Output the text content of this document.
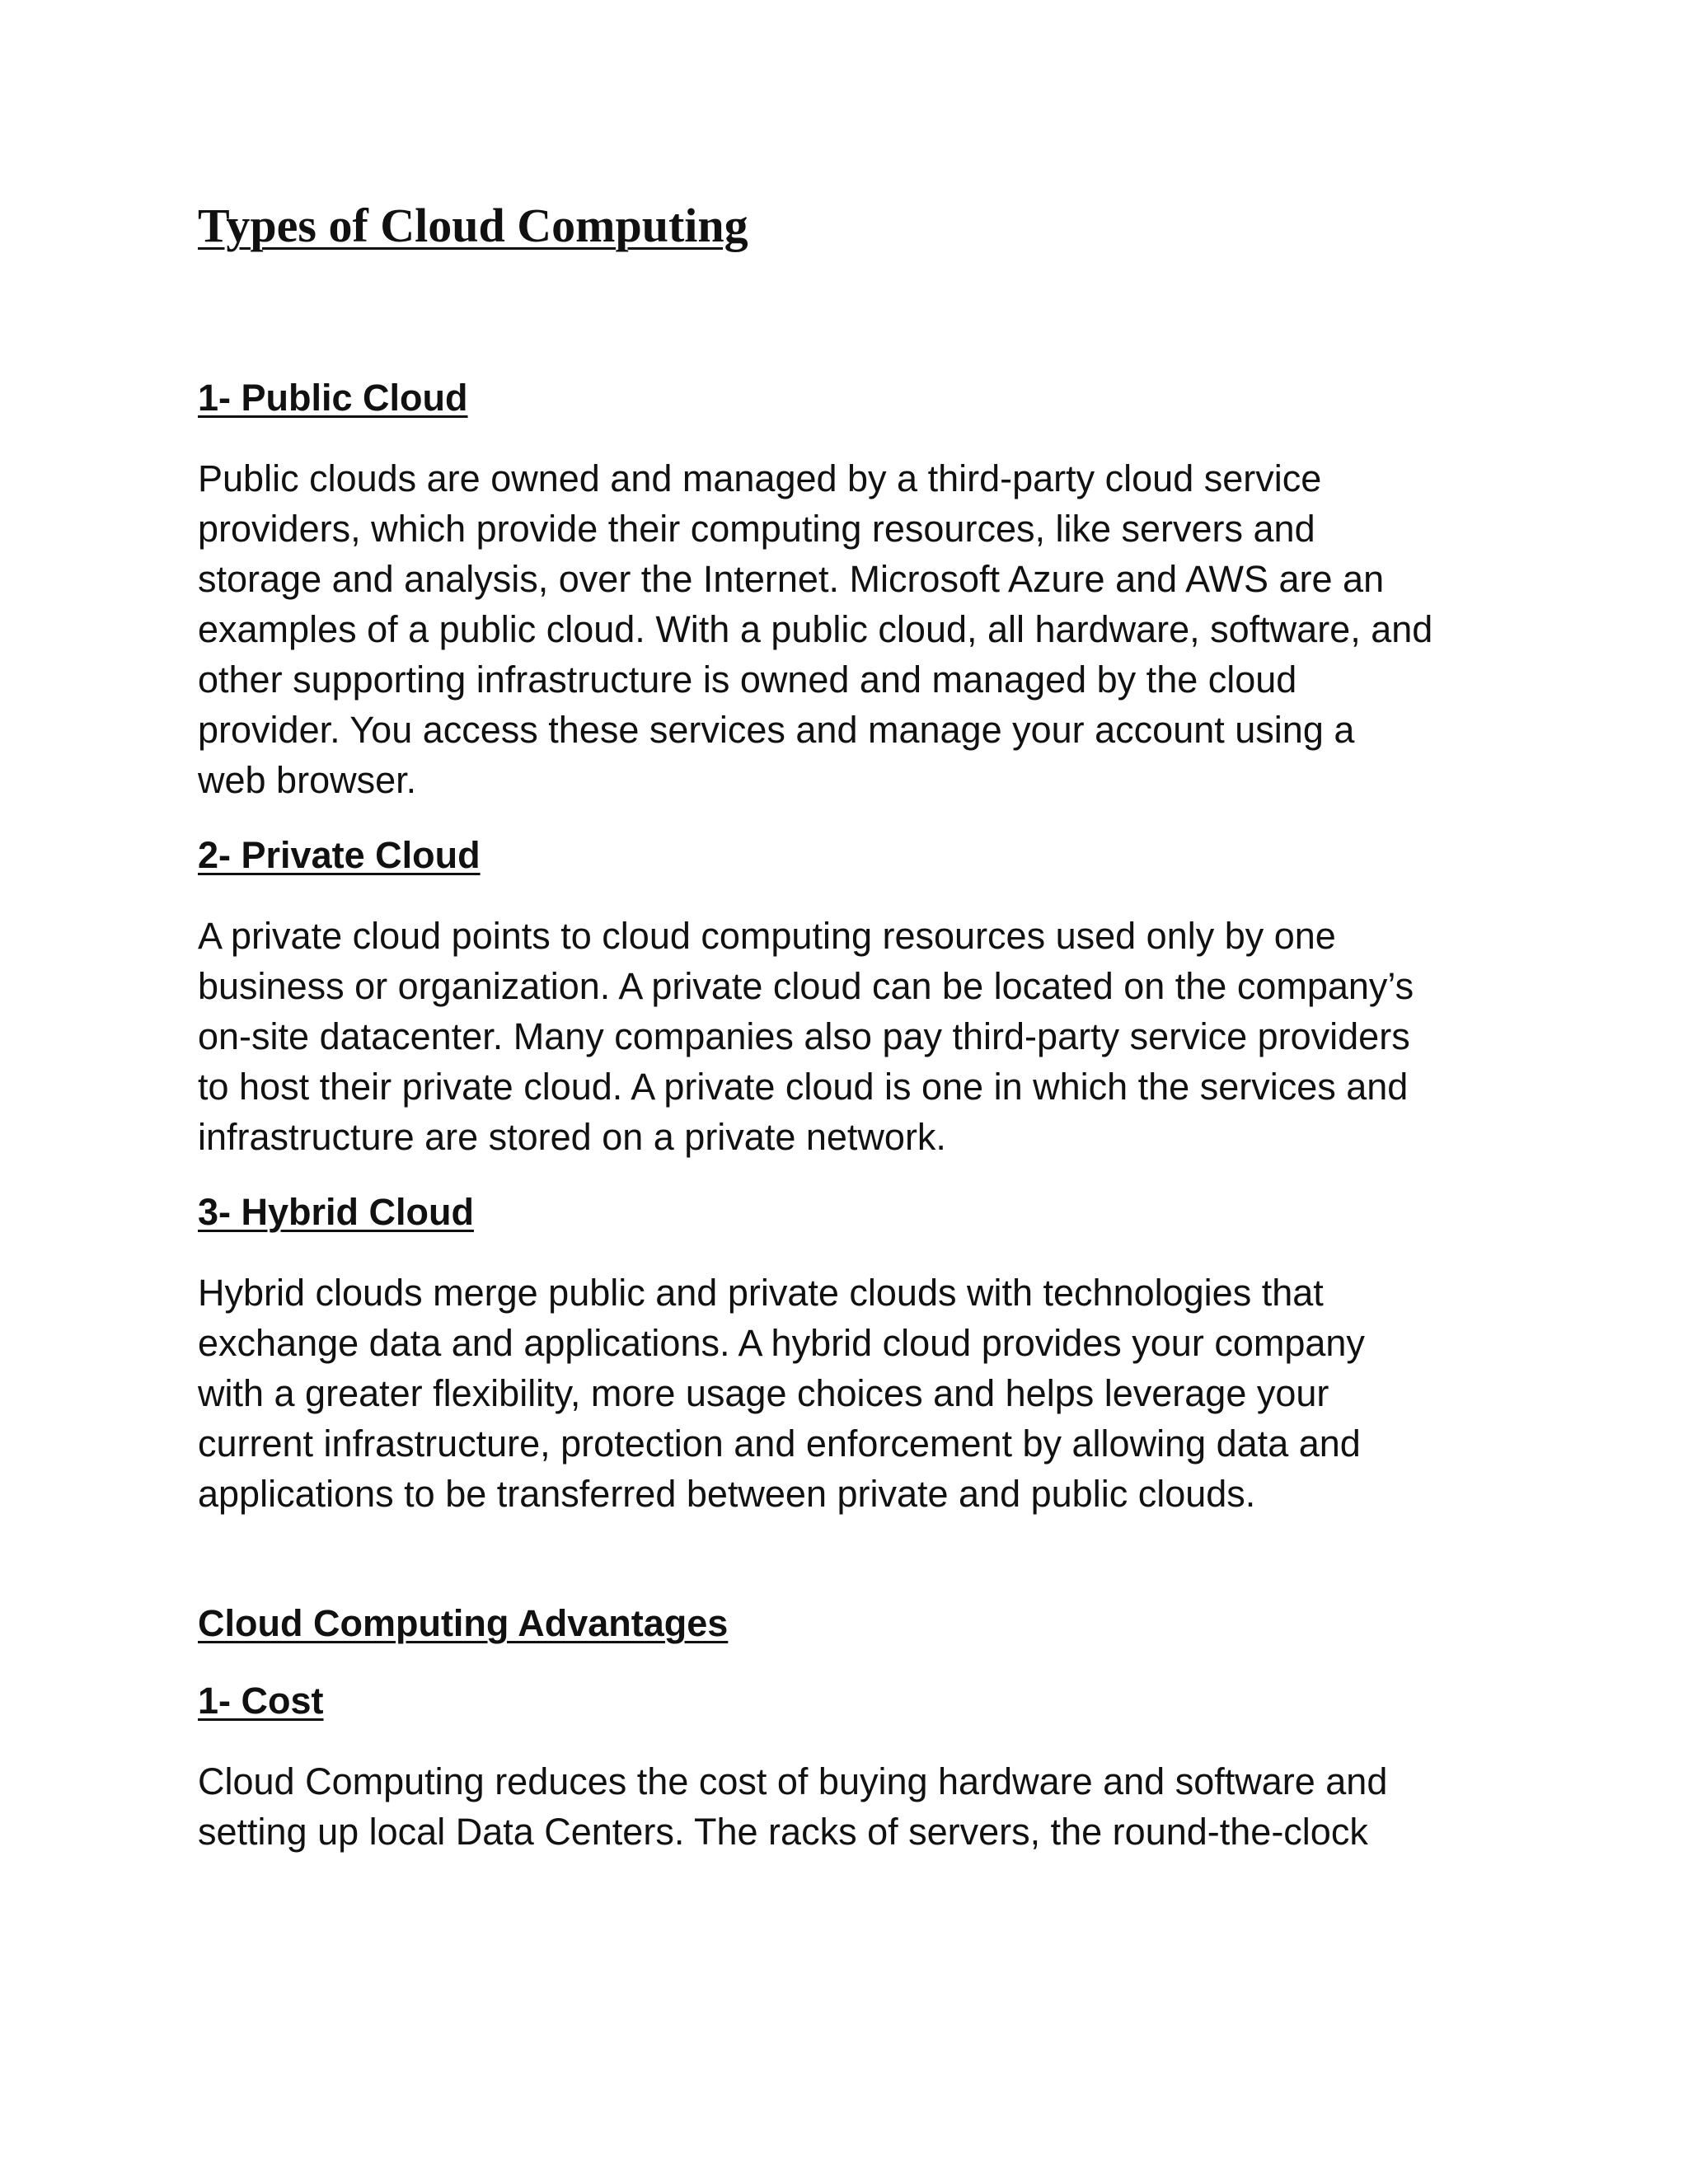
Types of Cloud Computing
1- Public Cloud
Public clouds are owned and managed by a third-party cloud service
providers, which provide their computing resources, like servers and
storage and analysis, over the Internet. Microsoft Azure and AWS are an
examples of a public cloud. With a public cloud, all hardware, software, and
other supporting infrastructure is owned and managed by the cloud
provider. You access these services and manage your account using a
web browser.
2- Private Cloud
A private cloud points to cloud computing resources used only by one
business or organization. A private cloud can be located on the company’s
on-site datacenter. Many companies also pay third-party service providers
to host their private cloud. A private cloud is one in which the services and
infrastructure are stored on a private network.
3- Hybrid Cloud
Hybrid clouds merge public and private clouds with technologies that
exchange data and applications. A hybrid cloud provides your company
with a greater flexibility, more usage choices and helps leverage your
current infrastructure, protection and enforcement by allowing data and
applications to be transferred between private and public clouds.
Cloud Computing Advantages
1- Cost
Cloud Computing reduces the cost of buying hardware and software and
setting up local Data Centers. The racks of servers, the round-the-clock
